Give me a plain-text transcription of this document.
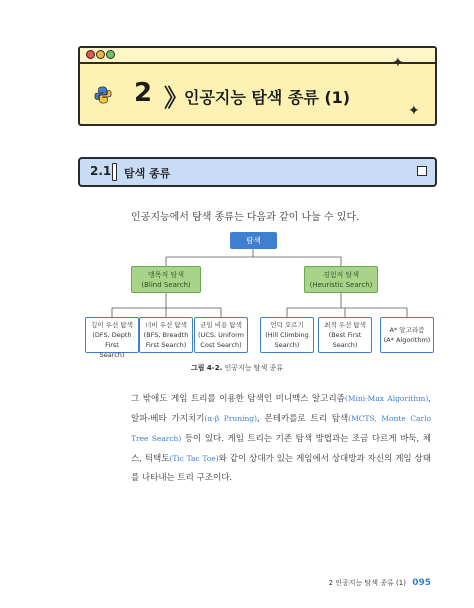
✦
✦
2 》
인공지능 탐색 종류 (1)
2.1 탐색 종류
인공지능에서 탐색 종류는 다음과 같이 나눌 수 있다.
탐색
맹목적 탐색
(Blind Search)
경험적 탐색
(Heuristic Search)
깊이 우선 탐색
(DFS, Depth First
Search)
너비 우선 탐색
(BFS, Breadth
First Search)
균일 비용 탐색
(UCS, Uniform
Cost Search)
언덕 오르기
(Hill Climbing
Search)
최적 우선 탐색
(Best First
Search)
A* 알고리즘
(A* Algorithm)
그림 4-2. 인공지능 탐색 종류
그 밖에도 게임 트리를 이용한 탐색인 미니맥스 알고리즘(Mini-Max Algorithm), 알파-베타 가지치기(α-β Pruning), 몬테카를로 트리 탐색(MCTS, Monte Carlo Tree Search) 등이 있다. 게임 트리는 기존 탐색 방법과는 조금 다르게 바둑, 체스, 틱택토(Tic Tac Toe)와 같이 상대가 있는 게임에서 상대방과 자신의 게임 상태를 나타내는 트리 구조이다.
2 인공지능 탐색 종류 (1) 095
